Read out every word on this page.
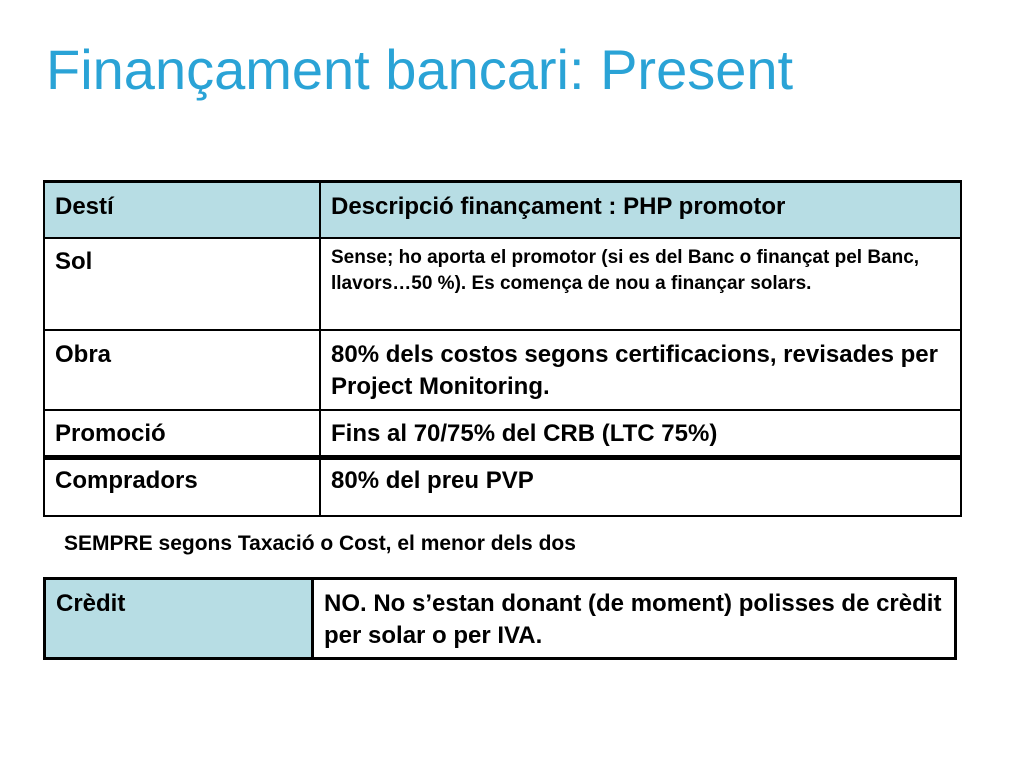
Finançament bancari: Present
Destí	Descripció finançament : PHP promotor
Sol	Sense; ho aporta el promotor (si es del Banc o finançat pel Banc, llavors…50 %). Es comença de nou a finançar solars.
Obra	80% dels costos segons certificacions, revisades per Project Monitoring.
Promoció	Fins al 70/75% del CRB (LTC 75%)
Compradors	80% del preu PVP
SEMPRE segons Taxació o Cost, el menor dels dos
Crèdit	NO. No s’estan donant (de moment) polisses de crèdit per solar o per IVA.
